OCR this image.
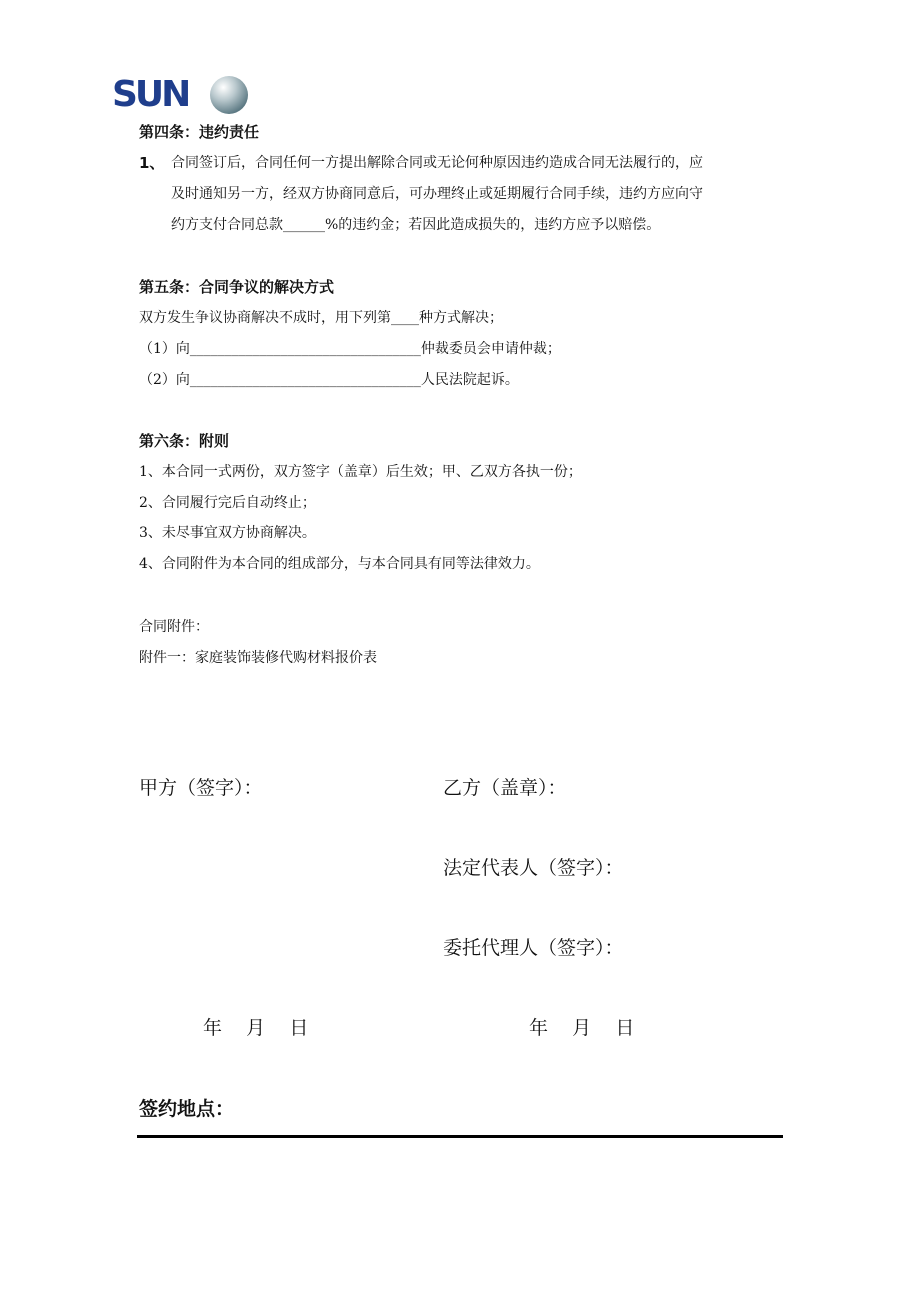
SUN
第四条：违约责任
1、 合同签订后，合同任何一方提出解除合同或无论何种原因违约造成合同无法履行的，应
及时通知另一方，经双方协商同意后，可办理终止或延期履行合同手续，违约方应向守
约方支付合同总款______%的违约金；若因此造成损失的，违约方应予以赔偿。
第五条：合同争议的解决方式
双方发生争议协商解决不成时，用下列第____种方式解决；
（1）向_________________________________仲裁委员会申请仲裁；
（2）向_________________________________人民法院起诉。
第六条：附则
1、本合同一式两份，双方签字（盖章）后生效；甲、乙双方各执一份；
2、合同履行完后自动终止；
3、未尽事宜双方协商解决。
4、合同附件为本合同的组成部分，与本合同具有同等法律效力。
合同附件：
附件一：家庭装饰装修代购材料报价表
甲方（签字）：	乙方（盖章）：
法定代表人（签字）：
委托代理人（签字）：
年    月    日	年    月    日
签约地点：
